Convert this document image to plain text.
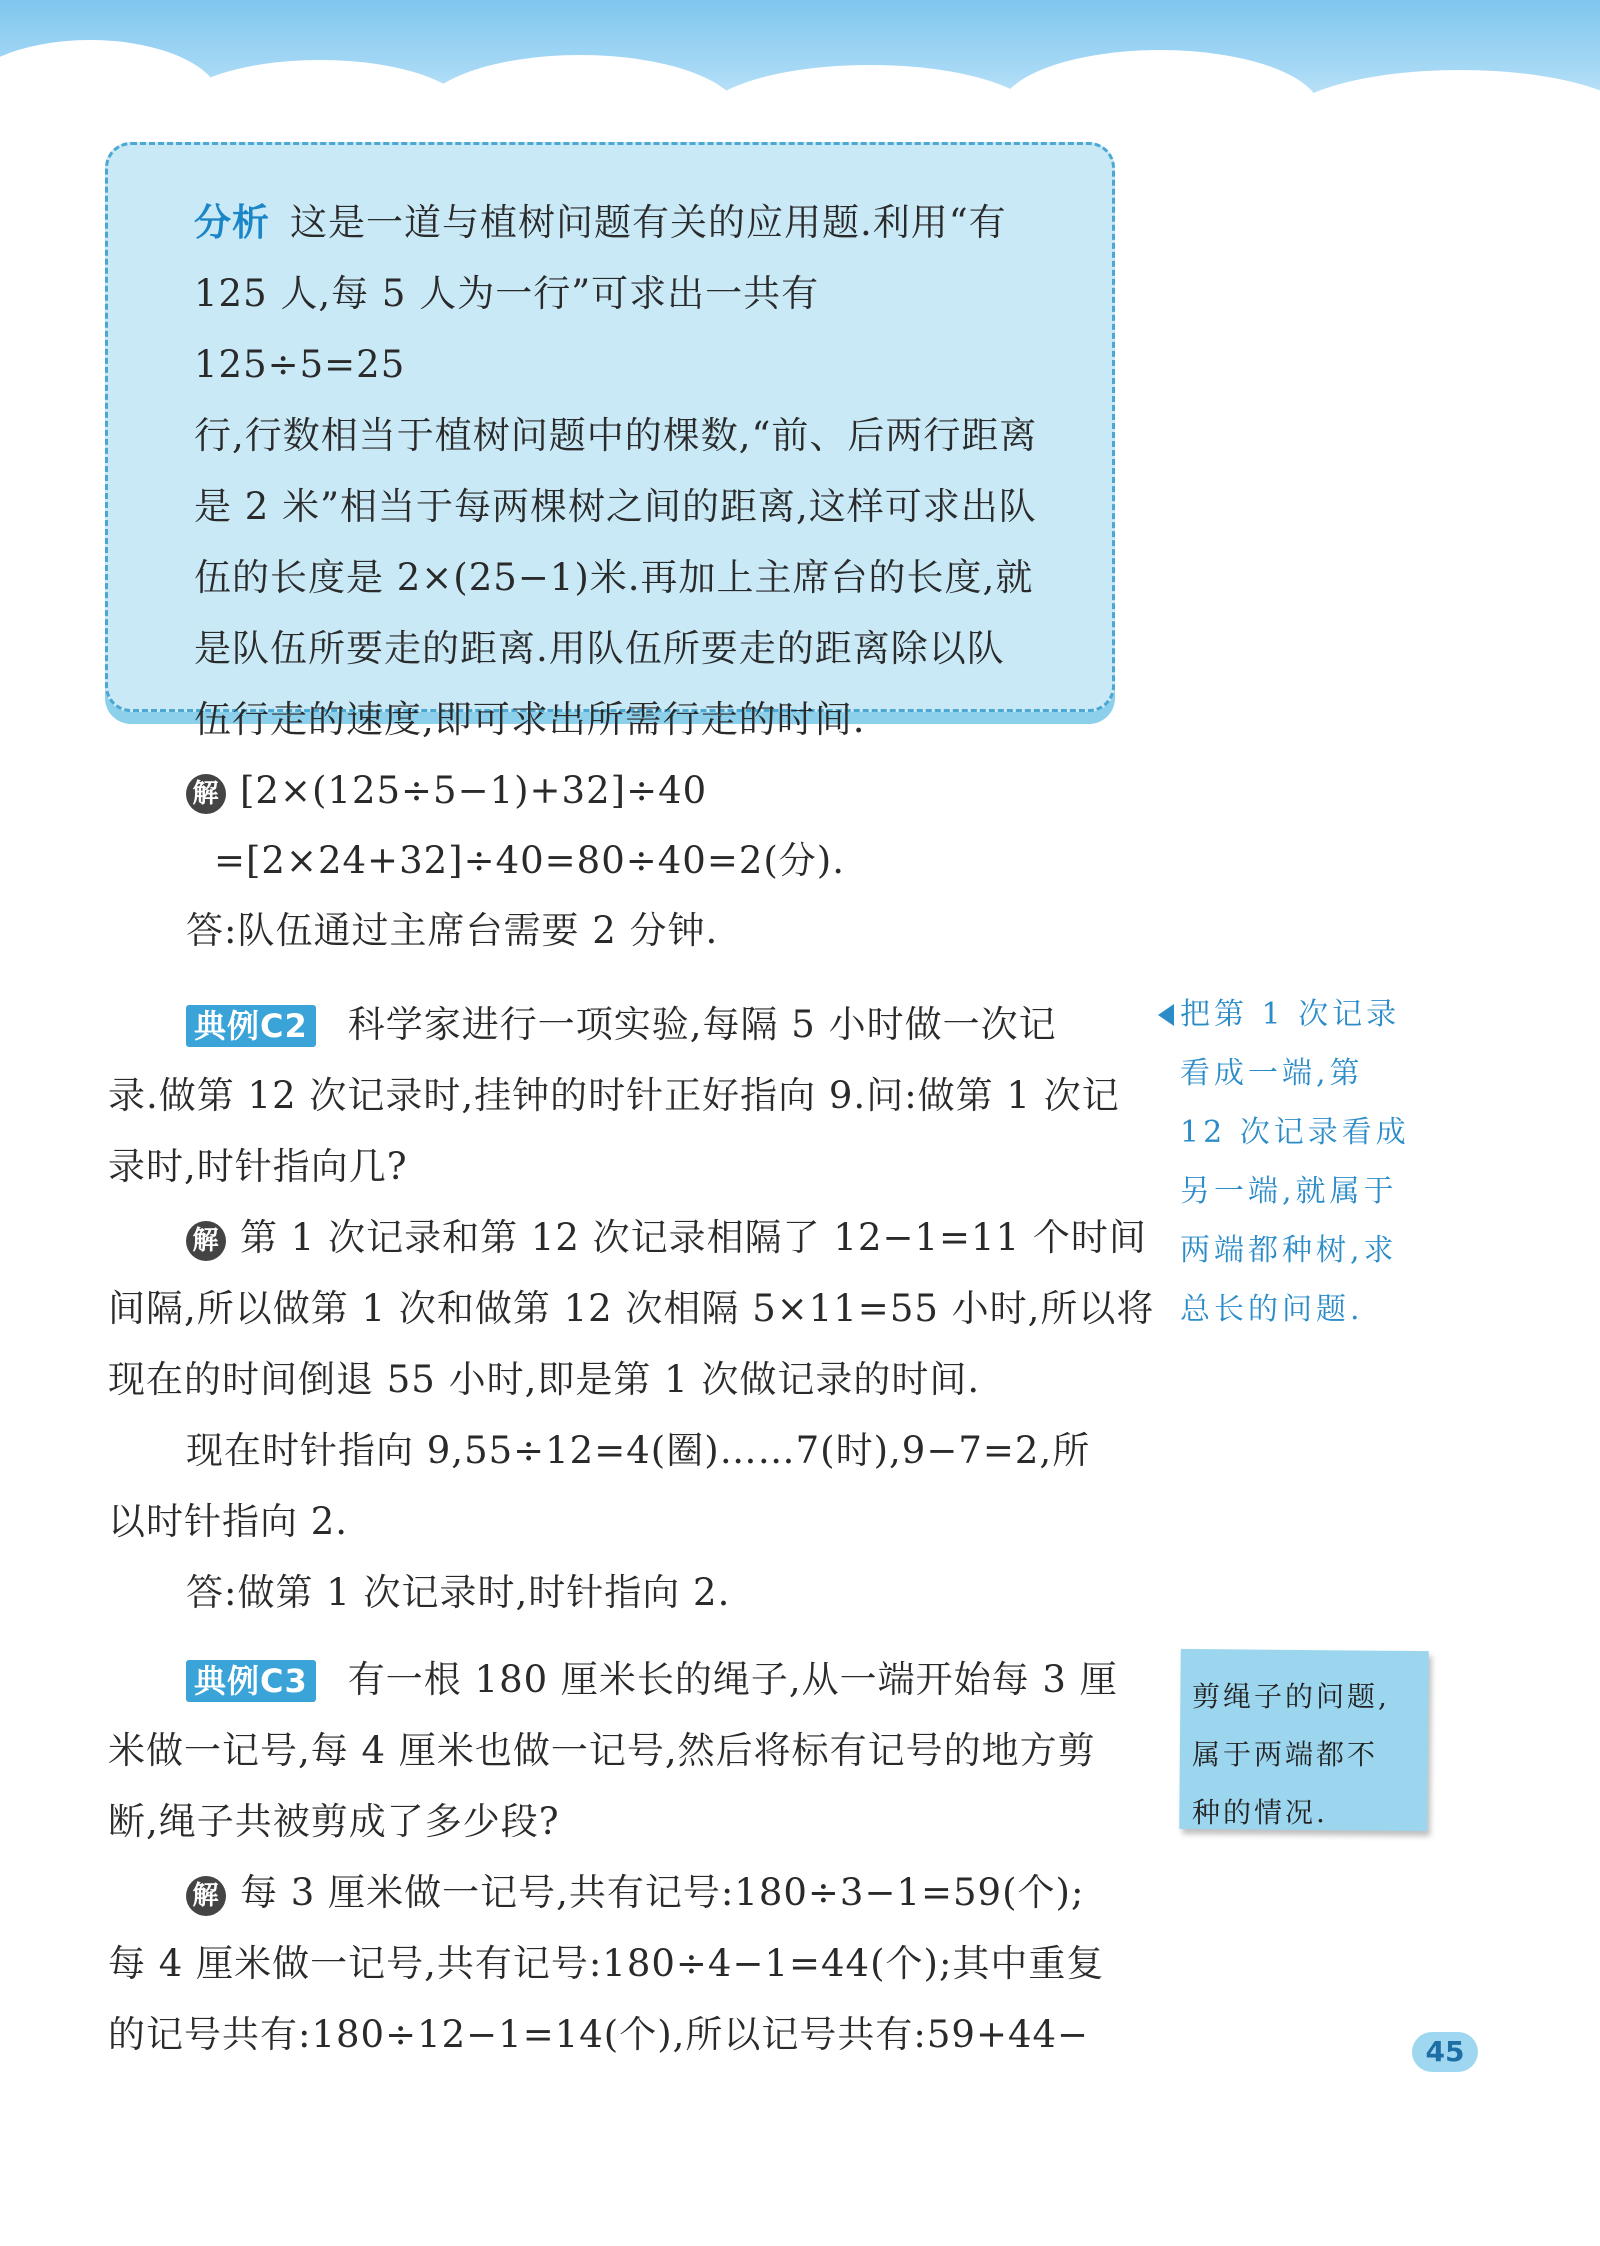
分析 这是一道与植树问题有关的应用题.利用“有

125 人,每 5 人为一行”可求出一共有 125÷5=25

行,行数相当于植树问题中的棵数,“前、后两行距离

是 2 米”相当于每两棵树之间的距离,这样可求出队

伍的长度是 2×(25−1)米.再加上主席台的长度,就

是队伍所要走的距离.用队伍所要走的距离除以队

伍行走的速度,即可求出所需行走的时间.

解 [2×(125÷5−1)+32]÷40
=[2×24+32]÷40=80÷40=2(分).
答:队伍通过主席台需要 2 分钟.
典例C2 科学家进行一项实验,每隔 5 小时做一次记
录.做第 12 次记录时,挂钟的时针正好指向 9.问:做第 1 次记
录时,时针指向几?
解 第 1 次记录和第 12 次记录相隔了 12−1=11 个时间
间隔,所以做第 1 次和做第 12 次相隔 5×11=55 小时,所以将
现在的时间倒退 55 小时,即是第 1 次做记录的时间.
现在时针指向 9,55÷12=4(圈)……7(时),9−7=2,所
以时针指向 2.
答:做第 1 次记录时,时针指向 2.
把第 1 次记录
看成一端,第
12 次记录看成
另一端,就属于
两端都种树,求
总长的问题.
典例C3 有一根 180 厘米长的绳子,从一端开始每 3 厘
米做一记号,每 4 厘米也做一记号,然后将标有记号的地方剪
断,绳子共被剪成了多少段?
解 每 3 厘米做一记号,共有记号:180÷3−1=59(个);
每 4 厘米做一记号,共有记号:180÷4−1=44(个);其中重复
的记号共有:180÷12−1=14(个),所以记号共有:59+44−
剪绳子的问题,
属于两端都不
种的情况.
45
